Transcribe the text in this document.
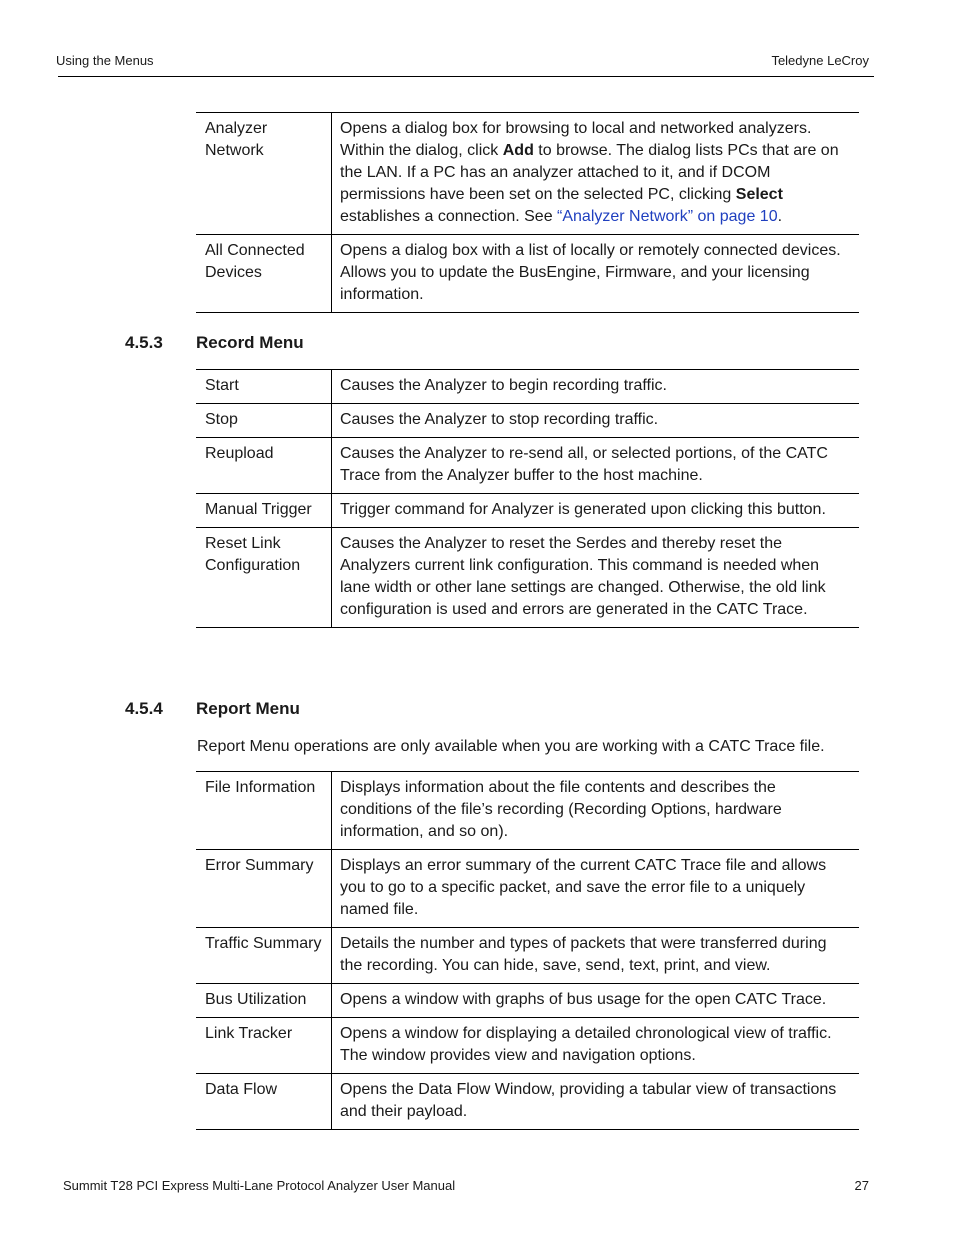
Using the Menus	Teledyne LeCroy
Analyzer Network	Opens a dialog box for browsing to local and networked analyzers. Within the dialog, click Add to browse. The dialog lists PCs that are on the LAN. If a PC has an analyzer attached to it, and if DCOM permissions have been set on the selected PC, clicking Select establishes a connection. See “Analyzer Network” on page 10.
All Connected Devices	Opens a dialog box with a list of locally or remotely connected devices. Allows you to update the BusEngine, Firmware, and your licensing information.
4.5.3 Record Menu
Start	Causes the Analyzer to begin recording traffic.
Stop	Causes the Analyzer to stop recording traffic.
Reupload	Causes the Analyzer to re-send all, or selected portions, of the CATC Trace from the Analyzer buffer to the host machine.
Manual Trigger	Trigger command for Analyzer is generated upon clicking this button.
Reset Link Configuration	Causes the Analyzer to reset the Serdes and thereby reset the Analyzers current link configuration. This command is needed when lane width or other lane settings are changed. Otherwise, the old link configuration is used and errors are generated in the CATC Trace.
4.5.4 Report Menu
Report Menu operations are only available when you are working with a CATC Trace file.
File Information	Displays information about the file contents and describes the conditions of the file’s recording (Recording Options, hardware information, and so on).
Error Summary	Displays an error summary of the current CATC Trace file and allows you to go to a specific packet, and save the error file to a uniquely named file.
Traffic Summary	Details the number and types of packets that were transferred during the recording. You can hide, save, send, text, print, and view.
Bus Utilization	Opens a window with graphs of bus usage for the open CATC Trace.
Link Tracker	Opens a window for displaying a detailed chronological view of traffic. The window provides view and navigation options.
Data Flow	Opens the Data Flow Window, providing a tabular view of transactions and their payload.
Summit T28 PCI Express Multi-Lane Protocol Analyzer User Manual	27
